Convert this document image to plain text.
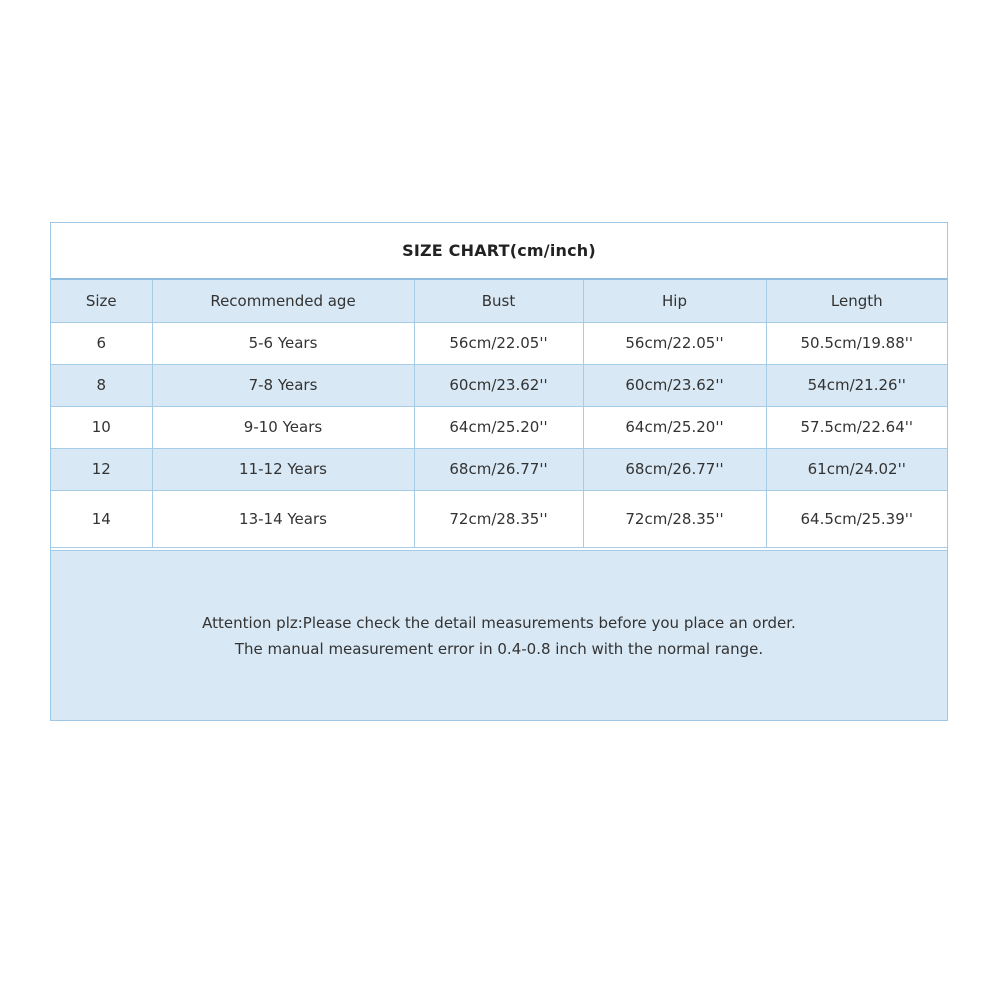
SIZE CHART(cm/inch)
Size	Recommended age	Bust	Hip	Length
6	5-6 Years	56cm/22.05''	56cm/22.05''	50.5cm/19.88''
8	7-8 Years	60cm/23.62''	60cm/23.62''	54cm/21.26''
10	9-10 Years	64cm/25.20''	64cm/25.20''	57.5cm/22.64''
12	11-12 Years	68cm/26.77''	68cm/26.77''	61cm/24.02''
14	13-14 Years	72cm/28.35''	72cm/28.35''	64.5cm/25.39''
Attention plz:Please check the detail measurements before you place an order.
The manual measurement error in 0.4-0.8 inch with the normal range.
